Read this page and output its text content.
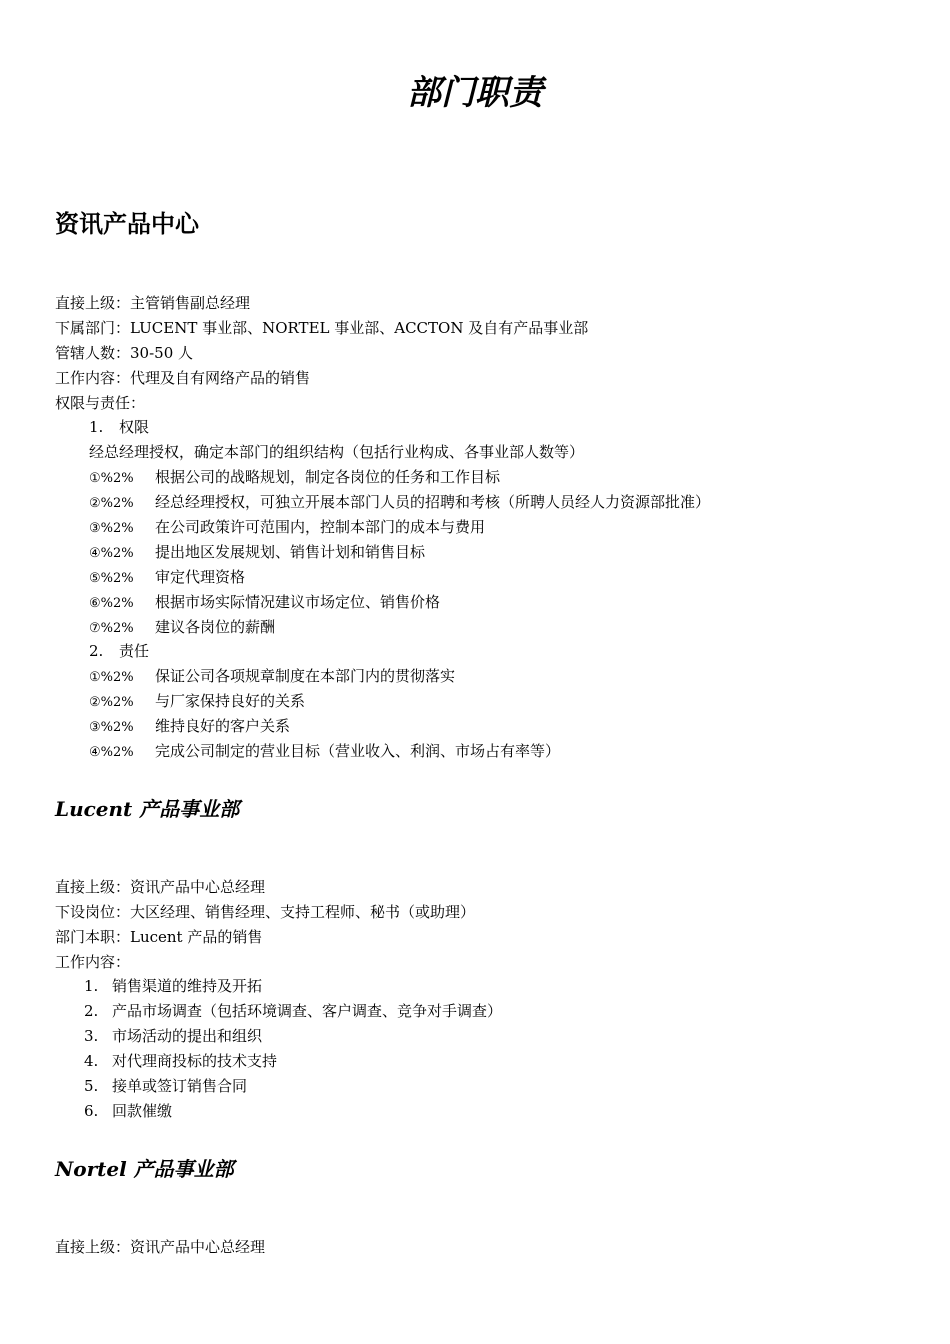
部门职责
资讯产品中心
直接上级：主管销售副总经理
下属部门：LUCENT 事业部、NORTEL 事业部、ACCTON 及自有产品事业部
管辖人数：30-50 人
工作内容：代理及自有网络产品的销售
权限与责任：
1. 权限
经总经理授权，确定本部门的组织结构（包括行业构成、各事业部人数等）
①%2% 根据公司的战略规划，制定各岗位的任务和工作目标
②%2% 经总经理授权，可独立开展本部门人员的招聘和考核（所聘人员经人力资源部批准）
③%2% 在公司政策许可范围内，控制本部门的成本与费用
④%2% 提出地区发展规划、销售计划和销售目标
⑤%2% 审定代理资格
⑥%2% 根据市场实际情况建议市场定位、销售价格
⑦%2% 建议各岗位的薪酬
2. 责任
①%2% 保证公司各项规章制度在本部门内的贯彻落实
②%2% 与厂家保持良好的关系
③%2% 维持良好的客户关系
④%2% 完成公司制定的营业目标（营业收入、利润、市场占有率等）
Lucent 产品事业部
直接上级：资讯产品中心总经理
下设岗位：大区经理、销售经理、支持工程师、秘书（或助理）
部门本职：Lucent 产品的销售
工作内容：
1. 销售渠道的维持及开拓
2. 产品市场调查（包括环境调查、客户调查、竞争对手调查）
3. 市场活动的提出和组织
4. 对代理商投标的技术支持
5. 接单或签订销售合同
6. 回款催缴
Nortel 产品事业部
直接上级：资讯产品中心总经理
